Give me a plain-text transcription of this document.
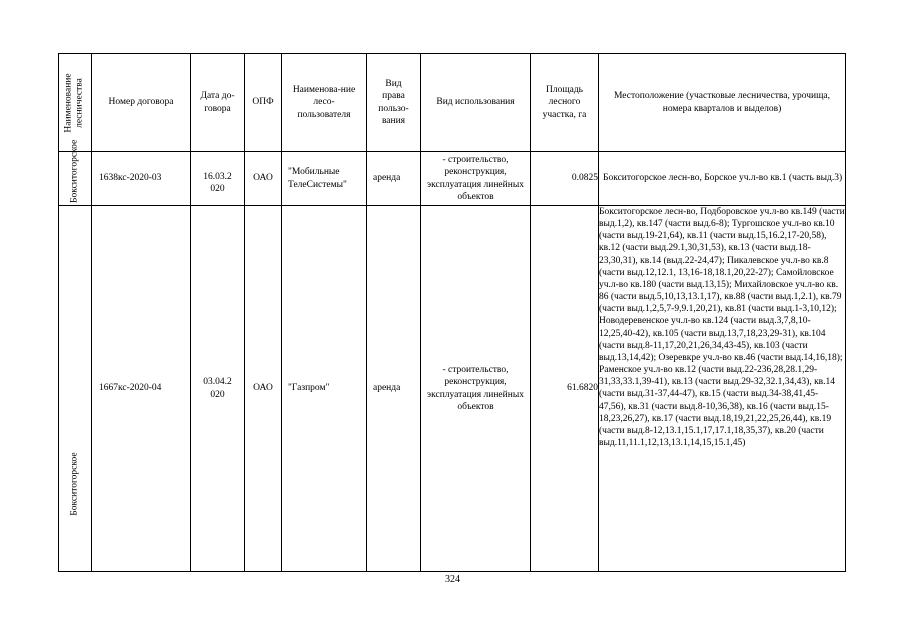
Наименование лесничества	Номер договора	Дата до-говора	ОПФ	Наименова-ние лесо-пользователя	Вид права пользо-вания	Вид использования	Площадь лесного участка, га	Местоположение (участковые лесничества, урочища, номера кварталов и выделов)

Бокситогорское	1638кс-2020-03	16.03.2020	ОАО	"Мобильные ТелеСистемы"	аренда	- строительство, реконструкция, эксплуатация линейных объектов	0.0825	Бокситогорское лесн-во, Борское уч.л-во кв.1 (часть выд.3)

Бокситогорское	1667кс-2020-04	03.04.2020	ОАО	"Газпром"	аренда	- строительство, реконструкция, эксплуатация линейных объектов	61.6820	Бокситогорское лесн-во, Подборовское уч.л-во кв.149 (части выд.1,2), кв.147 (части выд.6-8); Тургошское уч.л-во кв.10 (части выд.19-21,64), кв.11 (части выд.15,16.2,17-20,58), кв.12 (части выд.29.1,30,31,53), кв.13 (части выд.18-23,30,31), кв.14 (выд.22-24,47); Пикалевское уч.л-во кв.8 (части выд.12,12.1, 13,16-18,18.1,20,22-27); Самойловское уч.л-во кв.180 (части выд.13,15); Михайловское уч.л-во кв. 86 (части выд.5,10,13,13.1,17), кв.88 (части выд.1,2.1), кв.79 (части выд.1,2,5,7-9,9.1,20,21), кв.81 (части выд.1-3,10,12); Новодеревенское уч.л-во кв.124 (части выд.3,7,8,10-12,25,40-42), кв.105 (части выд.13,7,18,23,29-31), кв.104 (части выд.8-11,17,20,21,26,34,43-45), кв.103 (части выд.13,14,42); Озеревкре уч.л-во кв.46 (части выд.14,16,18); Раменское уч.л-во кв.12 (части выд.22-236,28,28.1,29-31,33,33.1,39-41), кв.13 (части выд.29-32,32.1,34,43), кв.14 (части выд.31-37,44-47), кв.15 (части выд.34-38,41,45-47,56), кв.31 (части выд.8-10,36,38), кв.16 (части выд.15-18,23,26,27), кв.17 (части выд.18,19,21,22,25,26,44), кв.19 (части выд.8-12,13.1,15.1,17,17.1,18,35,37), кв.20 (части выд.11,11.1,12,13,13.1,14,15,15.1,45)

324
